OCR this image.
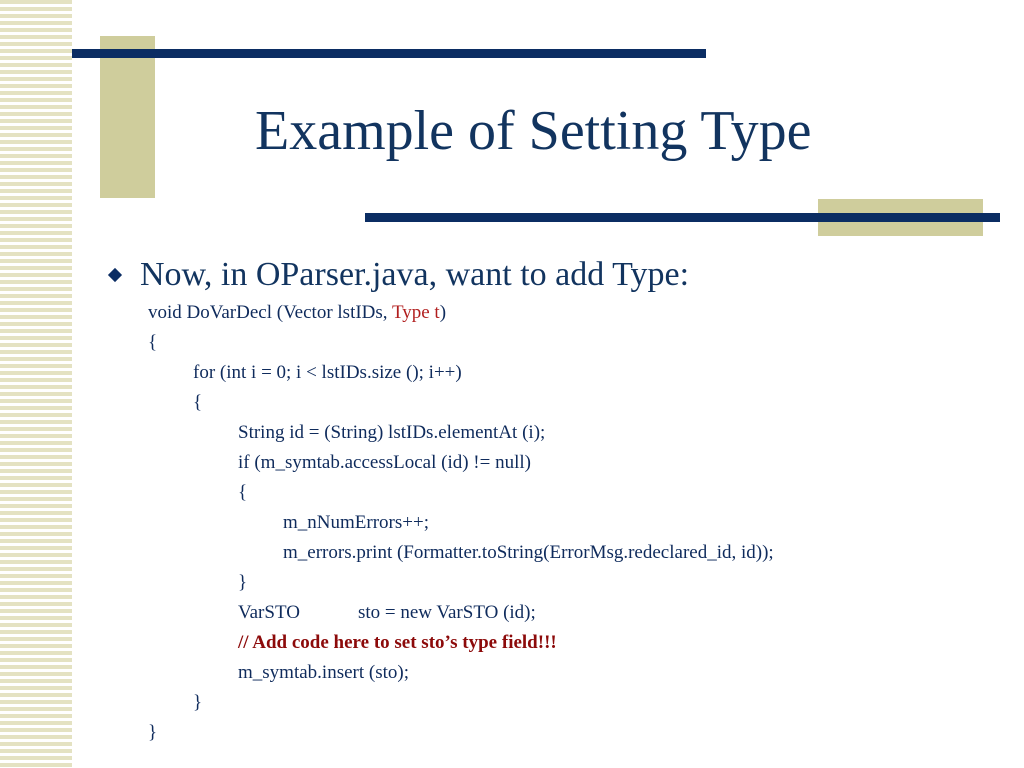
Example of Setting Type
Now, in OParser.java, want to add Type:
void DoVarDecl (Vector lstIDs, Type t)
{
for (int i = 0; i < lstIDs.size (); i++)
{
String id = (String) lstIDs.elementAt (i);
if (m_symtab.accessLocal (id) != null)
{
m_nNumErrors++;
m_errors.print (Formatter.toString(ErrorMsg.redeclared_id, id));
}
VarSTO	sto = new VarSTO (id);
// Add code here to set sto’s type field!!!
m_symtab.insert (sto);
}
}
